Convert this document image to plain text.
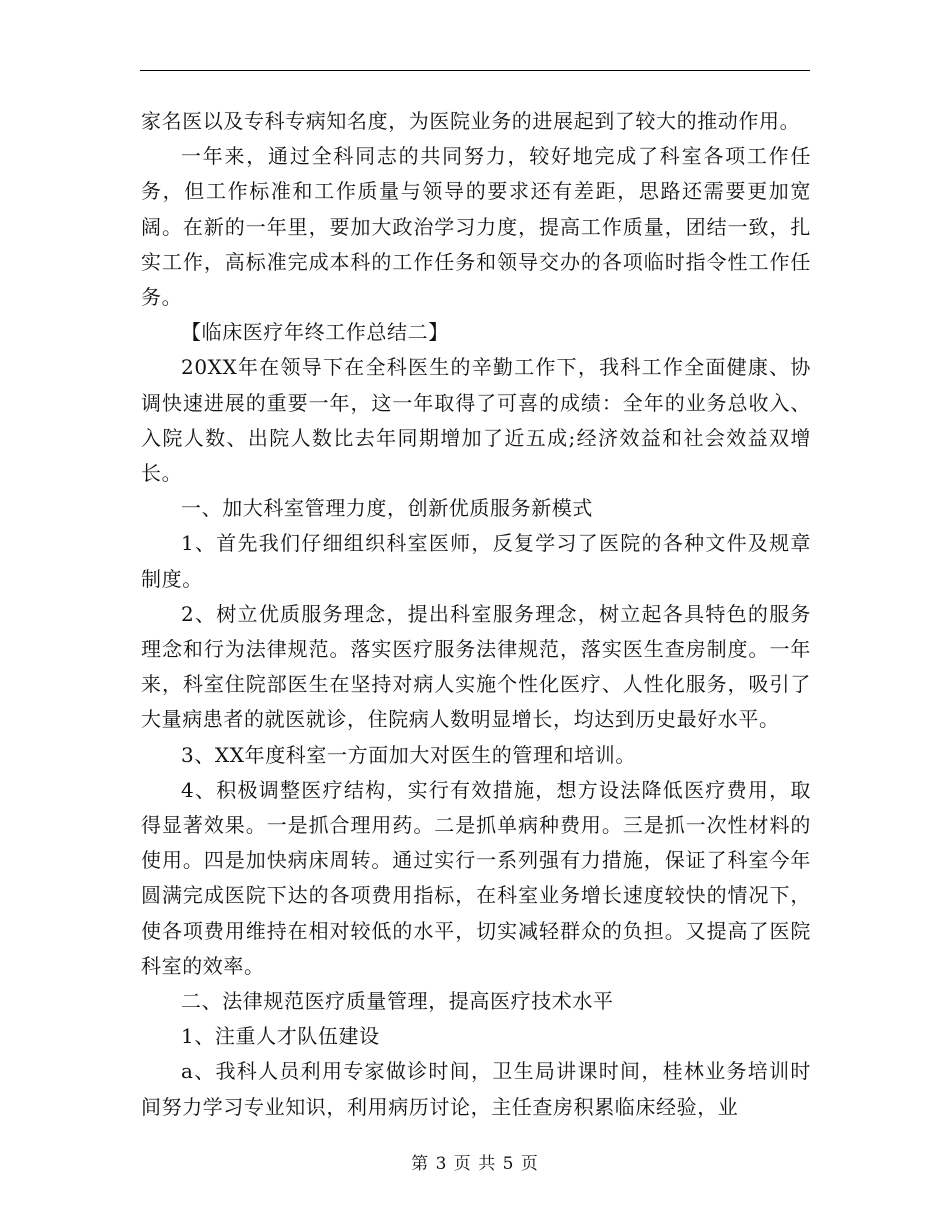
家名医以及专科专病知名度，为医院业务的进展起到了较大的推动作用。

一年来，通过全科同志的共同努力，较好地完成了科室各项工作任务，但工作标准和工作质量与领导的要求还有差距，思路还需要更加宽阔。在新的一年里，要加大政治学习力度，提高工作质量，团结一致，扎实工作，高标准完成本科的工作任务和领导交办的各项临时指令性工作任务。

【临床医疗年终工作总结二】

20XX年在领导下在全科医生的辛勤工作下，我科工作全面健康、协调快速进展的重要一年，这一年取得了可喜的成绩：全年的业务总收入、入院人数、出院人数比去年同期增加了近五成;经济效益和社会效益双增长。

一、加大科室管理力度，创新优质服务新模式

1、首先我们仔细组织科室医师，反复学习了医院的各种文件及规章制度。

2、树立优质服务理念，提出科室服务理念，树立起各具特色的服务理念和行为法律规范。落实医疗服务法律规范，落实医生查房制度。一年来，科室住院部医生在坚持对病人实施个性化医疗、人性化服务，吸引了大量病患者的就医就诊，住院病人数明显增长，均达到历史最好水平。

3、XX年度科室一方面加大对医生的管理和培训。

4、积极调整医疗结构，实行有效措施，想方设法降低医疗费用，取得显著效果。一是抓合理用药。二是抓单病种费用。三是抓一次性材料的使用。四是加快病床周转。通过实行一系列强有力措施，保证了科室今年圆满完成医院下达的各项费用指标，在科室业务增长速度较快的情况下，使各项费用维持在相对较低的水平，切实减轻群众的负担。又提高了医院科室的效率。

二、法律规范医疗质量管理，提高医疗技术水平

1、注重人才队伍建设

a、我科人员利用专家做诊时间，卫生局讲课时间，桂林业务培训时间努力学习专业知识，利用病历讨论，主任查房积累临床经验，业

第 3 页 共 5 页
